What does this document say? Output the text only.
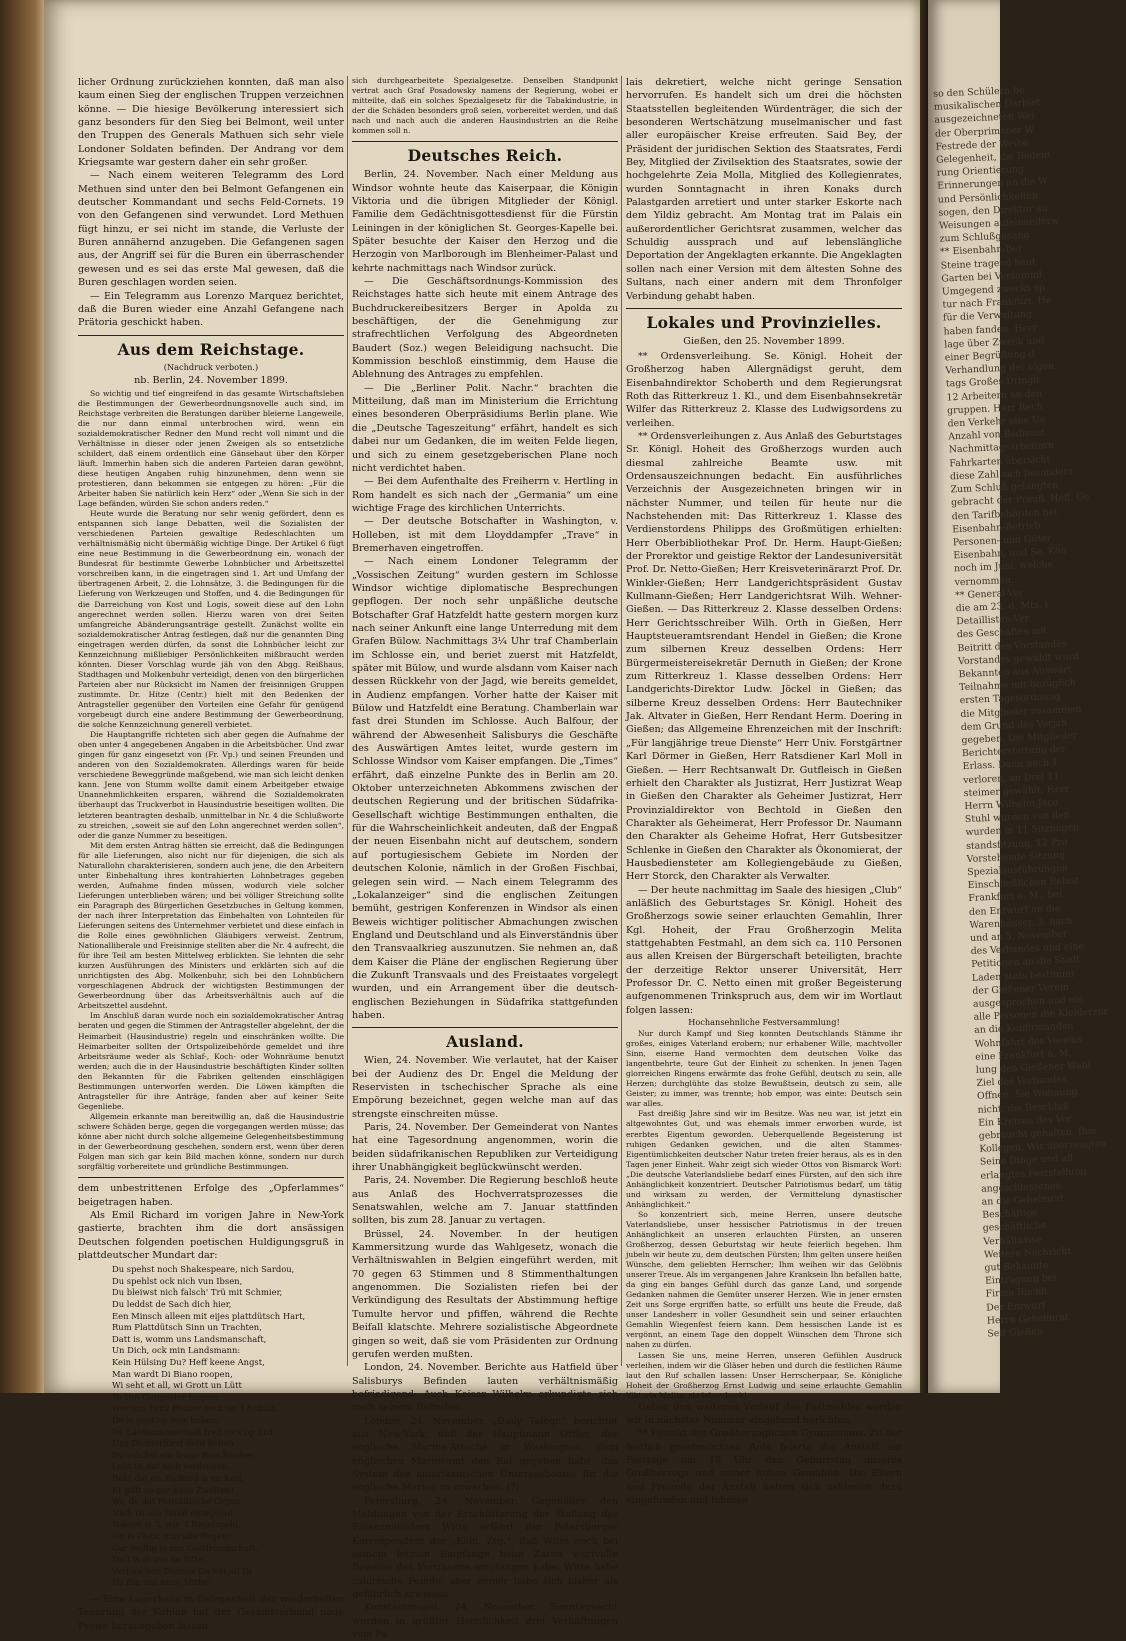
licher Ordnung zurückziehen konnten, daß man also kaum einen Sieg der englischen Truppen verzeichnen könne. — Die hiesige Bevölkerung interessiert sich ganz besonders für den Sieg bei Belmont, weil unter den Truppen des Generals Mathuen sich sehr viele Londoner Soldaten befinden. Der Andrang vor dem Kriegsamte war gestern daher ein sehr großer.

— Nach einem weiteren Telegramm des Lord Methuen sind unter den bei Belmont Gefangenen ein deutscher Kommandant und sechs Feld-Cornets. 19 von den Gefangenen sind verwundet. Lord Methuen fügt hinzu, er sei nicht im stande, die Verluste der Buren annähernd anzugeben. Die Gefangenen sagen aus, der Angriff sei für die Buren ein überraschender gewesen und es sei das erste Mal gewesen, daß die Buren geschlagen worden seien.

— Ein Telegramm aus Lorenzo Marquez berichtet, daß die Buren wieder eine Anzahl Gefangene nach Prätoria geschickt haben.

Aus dem Reichstage.
(Nachdruck verboten.)
nb. Berlin, 24. November 1899.

So wichtig und tief eingreifend in das gesamte Wirtschaftsleben die Bestimmungen der Gewerbeordnungsnovelle auch sind, im Reichstage verbreiten die Beratungen darüber bleierne Langeweile, die nur dann einmal unterbrochen wird, wenn ein sozialdemokratischer Redner den Mund recht voll nimmt und die Verhältnisse in dieser oder jenen Zweigen als so entsetzliche schildert, daß einem ordentlich eine Gänsehaut über den Körper läuft. Immerhin haben sich die anderen Parteien daran gewöhnt, diese heutigen Angaben ruhig hinzunehmen, denn wenn sie protestieren, dann bekommen sie entgegen zu hören: „Für die Arbeiter haben Sie natürlich kein Herz“ oder „Wenn Sie sich in der Lage befänden, würden Sie schon anders reden.“

Heute wurde die Beratung nur sehr wenig gefördert, denn es entspannen sich lange Debatten, weil die Sozialisten der verschiedenen Parteien gewaltige Redeschlachten um verhältnismäßig nicht übermäßig wichtige Dinge. Der Artikel 6 fügt eine neue Bestimmung in die Gewerbeordnung ein, wonach der Bundesrat für bestimmte Gewerbe Lohnbücher und Arbeitszettel vorschreiben kann, in die eingetragen sind 1. Art und Umfang der übertragenen Arbeit, 2. die Lohnsätze, 3. die Bedingungen für die Lieferung von Werkzeugen und Stoffen, und 4. die Bedingungen für die Darreichung von Kost und Logis, soweit diese auf den Lohn angerechnet werden sollen. Hierzu waren von drei Seiten umfangreiche Abänderungsanträge gestellt. Zunächst wollte ein sozialdemokratischer Antrag festlegen, daß nur die genannten Ding eingetragen werden dürfen, da sonst die Lohnbücher leicht zur Kennzeichnung mißliebiger Persönlichkeiten mißbraucht werden könnten. Dieser Vorschlag wurde jäh von den Abgg. Reißhaus, Stadthagen und Molkenbuhr verteidigt, denen von den bürgerlichen Parteien aber nur Rücksicht im Namen der freisinnigen Gruppen zustimmte. Dr. Hitze (Centr.) hielt mit den Bedenken der Antragsteller gegenüber den Vorteilen eine Gefahr für genügend vorgebeugt durch eine andere Bestimmung der Gewerbeordnung, die solche Kennzeichnung generell verbietet.

Die Hauptangriffe richteten sich aber gegen die Aufnahme der oben unter 4 angegebenen Angaben in die Arbeitsbücher. Und zwar gingen für ganz eingesetzt von (Fr. Vp.) und seinen Freunden und anderen von den Sozialdemokraten. Allerdings waren für beide verschiedene Beweggründe maßgebend, wie man sich leicht denken kann. Jene von Stumm wollte damit einem Arbeitgeber etwaige Unannehmlichkeiten ersparen, während die Sozialdemokraten überhaupt das Truckverbot in Hausindustrie beseitigen wollten. Die letzteren beantragten deshalb, unmittelbar in Nr. 4 die Schlußworte zu streichen, „soweit sie auf den Lohn angerechnet werden sollen“, oder die ganze Nummer zu beseitigen.

Mit dem ersten Antrag hätten sie erreicht, daß die Bedingungen für alle Lieferungen, also nicht nur für diejenigen, die sich als Naturallohn charakterisieren, sondern auch jene, die den Arbeitern unter Einbehaltung ihres kontrahierten Lohnbetrages gegeben werden, Aufnahme finden müssen, wodurch viele solcher Lieferungen unterblieben wären; und bei völliger Streichung sollte ein Paragraph des Bürgerlichen Gesetzbuches in Geltung kommen, der nach ihrer Interpretation das Einbehalten von Lohnteilen für Lieferungen seitens des Unternehmer verbietet und diese einfach in die Rolle eines gewöhnlichen Gläubigers verweist. Zentrum, Nationalliberale und Freisinnige stellten aber die Nr. 4 aufrecht, die für ihre Teil am besten Mittelweg erblickten. Sie lehnten die sehr kurzen Ausführungen des Ministers und erklärten sich auf die unrichtigsten des Abg. Molkenbuhr, sich bei den Lohnbüchern vorgeschlagenen Abdruck der wichtigsten Bestimmungen der Gewerbeordnung über das Arbeitsverhältnis auch auf die Arbeitszettel ausdehnt.

Im Anschluß daran wurde noch ein sozialdemokratischer Antrag beraten und gegen die Stimmen der Antragsteller abgelehnt, der die Heimarbeit (Hausindustrie) regeln und einschränken wollte. Die Heimarbeiter sollten der Ortspolizeibehörde gemeldet und ihre Arbeitsräume weder als Schlaf-, Koch- oder Wohnräume benutzt werden; auch die in der Hausindustrie beschäftigten Kinder sollten den Bekannten für die Fabriken geltenden einschlägigen Bestimmungen unterworfen werden. Die Löwen kämpften die Antragsteller für ihre Anträge, fanden aber auf keiner Seite Gegenliebe.

Allgemein erkannte man bereitwillig an, daß die Hausindustrie schwere Schäden berge, gegen die vorgegangen werden müsse; das könne aber nicht durch solche allgemeine Gelegenheitsbestimmung in der Gewerbeordnung geschehen, sondern erst, wenn über deren Folgen man sich gar kein Bild machen könne, sondern nur durch sorgfältig vorbereitete und gründliche Bestimmungen.

dem unbestrittenen Erfolge des „Opferlammes“ beigetragen haben.

Als Emil Richard im vorigen Jahre in New-York gastierte, brachten ihm die dort ansässigen Deutschen folgenden poetischen Huldigungsgruß in plattdeutscher Mundart dar:

Du spehst noch Shakespeare, nich Sardou,
Du spehlst ock nich vun Ibsen,
Du bleiwst nich falsch' Trü mit Schmier,
Du leddst de Sach dich hier,
Een Minsch alleen mit eijes plattdütsch Hart,
Rum Plattdütsch Sinn un Trachten,
Datt is, womm uns Landsmanschaft,
Un Dich, ock min Landsmann:
Kein Hülsing Du? Heff keene Angst,
Man wardt Di Biano roopen,
Wi seht et all, wi Grott un Lütt
To Din Gnitpötter loopen.
Wer uns Fritz Reuter heut op 't Schillb,
De is goot op hier hoben,
De Landsmannschaft freit sick op Erd,
Uns Dichterfürst doht baben.
Du möchst ein lange Reis hierher,
Loht Di dat nich verdreiten,
Bekt dat er: Richard is en Kerl,
Et gifft so gar keen Zweiten!
Wi, de dat Plattdütsche Organ,
Nich Di uns Hand entegeen!
Toleter is 't, wie 't Regelspehl,
Nu is Platz, nun alle Regen!
Gar heillig is uns Gastfründschaft,
Datt is di uns so Sitte,
Verbaschen Danner Du hät all Di
Us Ein uns unse Mitte!

— Eine Lagerhaus in Gelegenheit der wiederholten Teuerung der Kohlen hat der Gesamtverband neue Preise herausgeben lassen.

sich durchgearbeitete Spezialgesetze. Denselben Standpunkt vertrat auch Graf Posadowsky namens der Regierung, wobei er mitteilte, daß ein solches Spezialgesetz für die Tabakindustrie, in der die Schäden besonders groß seien, vorbereitet werden, und daß nach und nach auch die anderen Hausindustrien an die Reihe kommen soll n.

Deutsches Reich.

Berlin, 24. November. Nach einer Meldung aus Windsor wohnte heute das Kaiserpaar, die Königin Viktoria und die übrigen Mitglieder der Königl. Familie dem Gedächtnisgottesdienst für die Fürstin Leiningen in der königlichen St. Georges-Kapelle bei. Später besuchte der Kaiser den Herzog und die Herzogin von Marlborough im Blenheimer-Palast und kehrte nachmittags nach Windsor zurück.

— Die Geschäftsordnungs-Kommission des Reichstages hatte sich heute mit einem Antrage des Buchdruckereibesitzers Berger in Apolda zu beschäftigen, der die Genehmigung zur strafrechtlichen Verfolgung des Abgeordneten Baudert (Soz.) wegen Beleidigung nachsucht. Die Kommission beschloß einstimmig, dem Hause die Ablehnung des Antrages zu empfehlen.

— Die „Berliner Polit. Nachr.“ brachten die Mitteilung, daß man im Ministerium die Errichtung eines besonderen Oberpräsidiums Berlin plane. Wie die „Deutsche Tageszeitung“ erfährt, handelt es sich dabei nur um Gedanken, die im weiten Felde liegen, und sich zu einem gesetzgeberischen Plane noch nicht verdichtet haben.

— Bei dem Aufenthalte des Freiherrn v. Hertling in Rom handelt es sich nach der „Germania“ um eine wichtige Frage des kirchlichen Unterrichts.

— Der deutsche Botschafter in Washington, v. Holleben, ist mit dem Lloyddampfer „Trave“ in Bremerhaven eingetroffen.

— Nach einem Londoner Telegramm der „Vossischen Zeitung“ wurden gestern im Schlosse Windsor wichtige diplomatische Besprechungen gepflogen. Der noch sehr unpäßliche deutsche Botschafter Graf Hatzfeldt hatte gestern morgen kurz nach seiner Ankunft eine lange Unterredung mit dem Grafen Bülow. Nachmittags 3¼ Uhr traf Chamberlain im Schlosse ein, und beriet zuerst mit Hatzfeldt, später mit Bülow, und wurde alsdann vom Kaiser nach dessen Rückkehr von der Jagd, wie bereits gemeldet, in Audienz empfangen. Vorher hatte der Kaiser mit Bülow und Hatzfeldt eine Beratung. Chamberlain war fast drei Stunden im Schlosse. Auch Balfour, der während der Abwesenheit Salisburys die Geschäfte des Auswärtigen Amtes leitet, wurde gestern im Schlosse Windsor vom Kaiser empfangen. Die „Times“ erfährt, daß einzelne Punkte des in Berlin am 20. Oktober unterzeichneten Abkommens zwischen der deutschen Regierung und der britischen Südafrika-Gesellschaft wichtige Bestimmungen enthalten, die für die Wahrscheinlichkeit andeuten, daß der Engpaß der neuen Eisenbahn nicht auf deutschem, sondern auf portugiesischem Gebiete im Norden der deutschen Kolonie, nämlich in der Großen Fischbai, gelegen sein wird. — Nach einem Telegramm des „Lokalanzeiger“ sind die englischen Zeitungen bemüht, gestrigen Konferenzen in Windsor als einen Beweis wichtiger politischer Abmachungen zwischen England und Deutschland und als Einverständnis über den Transvaalkrieg auszunutzen. Sie nehmen an, daß dem Kaiser die Pläne der englischen Regierung über die Zukunft Transvaals und des Freistaates vorgelegt wurden, und ein Arrangement über die deutsch-englischen Beziehungen in Südafrika stattgefunden haben.

Ausland.

Wien, 24. November. Wie verlautet, hat der Kaiser bei der Audienz des Dr. Engel die Meldung der Reservisten in tschechischer Sprache als eine Empörung bezeichnet, gegen welche man auf das strengste einschreiten müsse.

Paris, 24. November. Der Gemeinderat von Nantes hat eine Tagesordnung angenommen, worin die beiden südafrikanischen Republiken zur Verteidigung ihrer Unabhängigkeit beglückwünscht werden.

Paris, 24. November. Die Regierung beschloß heute aus Anlaß des Hochverratsprozesses die Senatswahlen, welche am 7. Januar stattfinden sollten, bis zum 28. Januar zu vertagen.

Brüssel, 24. November. In der heutigen Kammersitzung wurde das Wahlgesetz, wonach die Verhältniswahlen in Belgien eingeführt werden, mit 70 gegen 63 Stimmen und 8 Stimmenthaltungen angenommen. Die Sozialisten riefen bei der Verkündigung des Resultats der Abstimmung heftige Tumulte hervor und pfiffen, während die Rechte Beifall klatschte. Mehrere sozialistische Abgeordnete gingen so weit, daß sie vom Präsidenten zur Ordnung gerufen werden mußten.

London, 24. November. Berichte aus Hatfield über Salisburys Befinden lauten verhältnismäßig befriedigend. Auch Kaiser Wilhelm erkundigte sich nach seinem Befinden.

London, 24. November. „Daily Telegr.“ berichtet aus New-York, daß der Hauptmann Ottley, der englische Marine-Attaché in Washington, dem englischen Marineamt den Rat gegeben habe, das System des amerikanischen Unterseebootes für die englische Marine zu erwerben. (?)

Petersburg, 24. November. Gegenüber den Meldungen von der Erschütterung der Stellung des Finanzministers Witte erfährt der Petersburger Korrespondent der „Köln. Ztg.“, daß Witte noch bei seinem letzten Empfange beim Zaren wertvolle Beweise des Vertrauens empfangen habe. Witte habe zahlreiche Feinde, aber keiner habe sich bisher als gefährlich erwiesen.

Konstantinopel, 24. November. Sonntagnacht wurden in größter Heimlichkeit drei Verhaftungen vom Pa-

lais dekretiert, welche nicht geringe Sensation hervorrufen. Es handelt sich um drei die höchsten Staatsstellen begleitenden Würdenträger, die sich der besonderen Wertschätzung muselmanischer und fast aller europäischer Kreise erfreuten. Said Bey, der Präsident der juridischen Sektion des Staatsrates, Ferdi Bey, Mitglied der Zivilsektion des Staatsrates, sowie der hochgelehrte Zeia Molla, Mitglied des Kollegienrates, wurden Sonntagnacht in ihren Konaks durch Palastgarden arretiert und unter starker Eskorte nach dem Yildiz gebracht. Am Montag trat im Palais ein außerordentlicher Gerichtsrat zusammen, welcher das Schuldig aussprach und auf lebenslängliche Deportation der Angeklagten erkannte. Die Angeklagten sollen nach einer Version mit dem ältesten Sohne des Sultans, nach einer andern mit dem Thronfolger Verbindung gehabt haben.

Lokales und Provinzielles.
Gießen, den 25. November 1899.

** Ordensverleihung. Se. Königl. Hoheit der Großherzog haben Allergnädigst geruht, dem Eisenbahndirektor Schoberth und dem Regierungsrat Roth das Ritterkreuz 1. Kl., und dem Eisenbahnsekretär Wilfer das Ritterkreuz 2. Klasse des Ludwigsordens zu verleihen.

** Ordensverleihungen z. Aus Anlaß des Geburtstages Sr. Königl. Hoheit des Großherzogs wurden auch diesmal zahlreiche Beamte usw. mit Ordensauszeichnungen bedacht. Ein ausführliches Verzeichnis der Ausgezeichneten bringen wir in nächster Nummer, und teilen für heute nur die Nachstehenden mit: Das Ritterkreuz 1. Klasse des Verdienstordens Philipps des Großmütigen erhielten: Herr Oberbibliothekar Prof. Dr. Herm. Haupt-Gießen; der Prorektor und geistige Rektor der Landesuniversität Prof. Dr. Netto-Gießen; Herr Kreisveterinärarzt Prof. Dr. Winkler-Gießen; Herr Landgerichtspräsident Gustav Kullmann-Gießen; Herr Landgerichtsrat Wilh. Wehner-Gießen. — Das Ritterkreuz 2. Klasse desselben Ordens: Herr Gerichtsschreiber Wilh. Orth in Gießen, Herr Hauptsteueramtsrendant Hendel in Gießen; die Krone zum silbernen Kreuz desselben Ordens: Herr Bürgermeistereisekretär Dernuth in Gießen; der Krone zum Ritterkreuz 1. Klasse desselben Ordens: Herr Landgerichts-Direktor Ludw. Jöckel in Gießen; das silberne Kreuz desselben Ordens: Herr Bautechniker Jak. Altvater in Gießen, Herr Rendant Herm. Doering in Gießen; das Allgemeine Ehrenzeichen mit der Inschrift: „Für langjährige treue Dienste“ Herr Univ. Forstgärtner Karl Dörmer in Gießen, Herr Ratsdiener Karl Moll in Gießen. — Herr Rechtsanwalt Dr. Gutfleisch in Gießen erhielt den Charakter als Justizrat, Herr Justizrat Weap in Gießen den Charakter als Geheimer Justizrat, Herr Provinzialdirektor von Bechtold in Gießen den Charakter als Geheimerat, Herr Professor Dr. Naumann den Charakter als Geheime Hofrat, Herr Gutsbesitzer Schlenke in Gießen den Charakter als Ökonomierat, der Hausbediensteter am Kollegiengebäude zu Gießen, Herr Storck, den Charakter als Verwalter.

— Der heute nachmittag im Saale des hiesigen „Club“ anläßlich des Geburtstages Sr. Königl. Hoheit des Großherzogs sowie seiner erlauchten Gemahlin, Ihrer Kgl. Hoheit, der Frau Großherzogin Melita stattgehabten Festmahl, an dem sich ca. 110 Personen aus allen Kreisen der Bürgerschaft beteiligten, brachte der derzeitige Rektor unserer Universität, Herr Professor Dr. C. Netto einen mit großer Begeisterung aufgenommenen Trinkspruch aus, dem wir im Wortlaut folgen lassen:

Hochansehnliche Festversammlung!

Nur durch Kampf und Sieg konnten Deutschlands Stämme ihr großes, einiges Vaterland erobern; nur erhabener Wille, machtvoller Sinn, eiserne Hand vermochten dem deutschen Volke das langentbehrte, teure Gut der Einheit zu schenken. In jenen Tagen glorreichen Ringens erwärmte das frohe Gefühl, deutsch zu sein, alle Herzen; durchglühte das stolze Bewußtsein, deutsch zu sein, alle Geister; zu immer, was trennte; hob empor, was einte: Deutsch sein war alles.

Fast dreißig Jahre sind wir im Besitze. Was neu war, ist jetzt ein altgewohntes Gut, und was ehemals immer erworben wurde, ist ererbtes Eigentum geworden. Ueberquellende Begeisterung ist ruhigen Gedanken gewichen, und die alten Stammes-Eigentümlichkeiten deutscher Natur treten freier heraus, als es in den Tagen jener Einheit. Wahr zeigt sich wieder Ottos von Bismarck Wort: „Die deutsche Vaterlandsliebe bedarf eines Fürsten, auf den sich ihre Anhänglichkeit konzentriert. Deutscher Patriotismus bedarf, um tätig und wirksam zu werden, der Vermittelung dynastischer Anhänglichkeit.“

So konzentriert sich, meine Herren, unsere deutsche Vaterlandsliebe, unser hessischer Patriotismus in der treuen Anhänglichkeit an unseren erlauchten Fürsten, an unseren Großherzog, dessen Geburtstag wir heute feierlich begehen. Ihm jubeln wir heute zu, dem deutschen Fürsten; Ihm gelten unsere heißen Wünsche, dem geliebten Herrscher; Ihm weihen wir das Gelöbnis unserer Treue. Als im vergangenen Jahre Kranksein Ihn befallen hatte, da ging ein banges Gefühl durch das ganze Land, und sorgende Gedanken nahmen die Gemüter unserer Herzen. Wie in jener ernsten Zeit uns Sorge ergriffen hatte, so erfüllt uns heute die Freude, daß unser Landesherr in voller Gesundheit sein und seiner erlauchten Gemahlin Wiegenfest feiern kann. Dem hessischen Lande ist es vergönnt, an einem Tage den doppelt Wünschen dem Throne sich nahen zu dürfen.

Lassen Sie uns, meine Herren, unseren Gefühlen Ausdruck verleihen, indem wir die Gläser heben und durch die festlichen Räume laut den Ruf schallen lassen: Unser Herrscherpaar, Se. Königliche Hoheit der Großherzog Ernst Ludwig und seine erlauchte Gemahlin Viktoria Melita, sie leben hoch!

Ueber den weiteren Verlauf des Festmahles werden wir in nächster Nummer eingehend berichten.

** Festakt des Großherzoglichen Gymnasiums. Zu der festlich geschmückten Aula feierte die Anstalt am Festtage um 10 Uhr den Geburtstag unseres Großherzogs und seiner hohen Gemahlin. Die Eltern und Freunde der Anstalt hatten sich zahlreich dazu eingefunden und lohnten

so den Schülern be
musikalischen Darbiet
ausgezeichneten Wei
der Oberprimaner W
Festrede der Weihe
Gelegenheit, die Bedeut
rung Orientierung
Erinnerungen an die W
und Persönlichkeiten
sogen, den Direktor au
Weisungen aufeinanderw
zum Schlußgesang
** Eisenbahn-Ber
Steine tragend heut
Garten bei Versamml
Umgegend zwecks sp
tur nach Frankfurt. He
für die Verwaltung
haben fanden. Herr
lage über Zweck und
einer Begrüßung d
Verhandlung der eigen
tags Großes Dringli
12 Arbeitern an den
gruppen. Herr Rech
den Verkehr eine Ue
Anzahl von Bedienst
Nachmittagsarbeitern
Fahrkarten übersicht
diese Zahl sich besonders
Zum Schluß gelangten
gebracht der Preuß. Heff. Ge
den Tarifbehörden bei
Eisenbahn-Betrieb
Personen- und Güter
Eisenbahn, und Se. Kön
noch im Juni, welche
vernommen.
** General-Ver
die am 23. d. Mts. i
Detaillisten-Ver
des Geschäftes mit
Beitritt des Vorstandes
Vorstandes gewählt wurd
Bekannten aus Auswärt
Teilnahme mit bezüglich
ersten Tagesordnung
die Mitglieder zusammen
dem Grund des Vorjah
gegeben. Die Mitglieder
Berichterstattung der
Erlass. Dann nach 1
verloren, an Drei 11
steimer gewählt. Herr
Herrn Wilhelm Jaco
Stuhl wurden von den
wurden in 11 Sitzungen
standsfitzung, 12 Pro
Vorstehende Sitzung
Spezialausführungen
Einschließlichen Belast
Frankfurt a. M., bei
den Entwurf an die
Warenhäuser, 3. nach
und an 5. November
des Verbandes und eine
Petitionen an die Stadt
Laden stets bestimmt
der Gießener Verein
ausgesprochen und ein
alle Personen die Kleiderzur
an die Konfirmanden
Wohnfahrt des Vereins
eine Frankfurt a. M.
lung den Gießener Wahl
Ziel des Verbandes
Offnen. Sie Wohnung
nicht, die Beschluß
Ein Kreisen des Vor
gebraucht gehalten. Ihm
Kollegen. Wir überzeugten
Seine Dinge und all
erlangtes Feststellung
angeschlossenes
an die Geheimrat
Beschäftige
geschäftliche
Verhältnisse
Weitere Nachricht
gut Bekannte
Eintragung bei
Firma Buchh
Der Entwurf
Herrn Geheimrat
Seit Gießen
